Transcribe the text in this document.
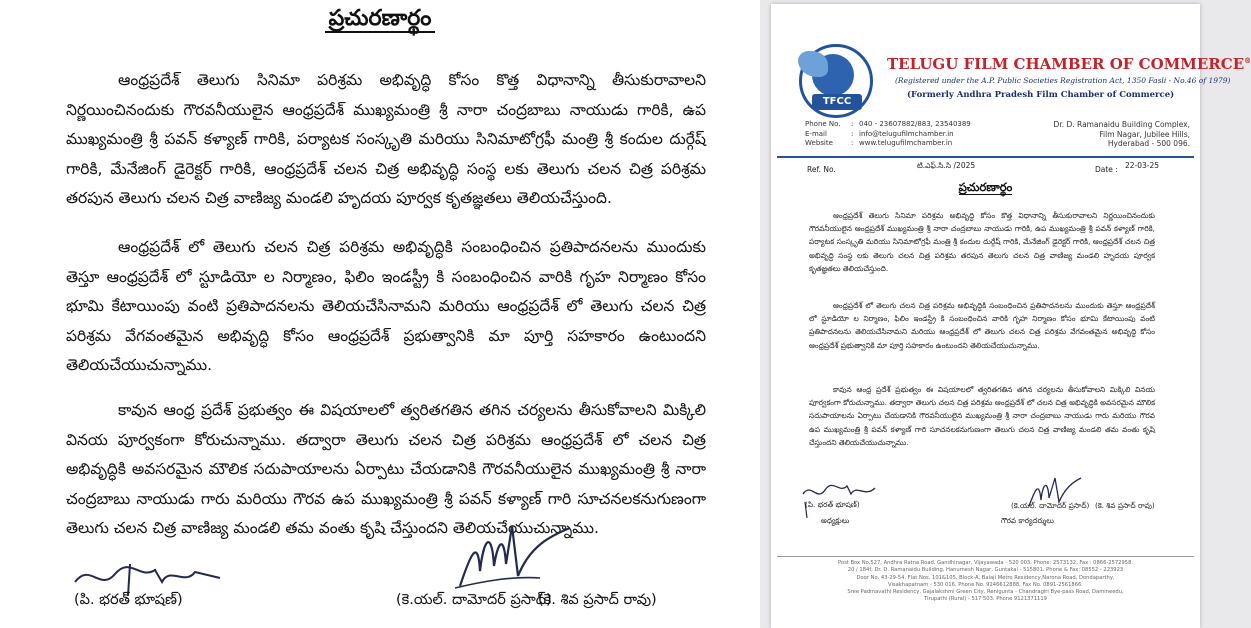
ప్రచురణార్థం

ఆంధ్రప్రదేశ్ తెలుగు సినిమా పరిశ్రమ అభివృద్ధి కోసం కొత్త విధానాన్ని తీసుకురావాలని నిర్ణయించినందుకు గౌరవనీయులైన ఆంధ్రప్రదేశ్ ముఖ్యమంత్రి శ్రీ నారా చంద్రబాబు నాయుడు గారికి, ఉప ముఖ్యమంత్రి శ్రీ పవన్ కళ్యాణ్ గారికి, పర్యాటక సంస్కృతి మరియు సినిమాటోగ్రఫీ మంత్రి శ్రీ కందుల దుర్గేష్ గారికి, మేనేజింగ్ డైరెక్టర్ గారికి, ఆంధ్రప్రదేశ్ చలన చిత్ర అభివృద్ధి సంస్థ లకు తెలుగు చలన చిత్ర పరిశ్రమ తరపున తెలుగు చలన చిత్ర వాణిజ్య మండలి హృదయ పూర్వక కృతజ్ఞతలు తెలియచేస్తుంది.

ఆంధ్రప్రదేశ్ లో తెలుగు చలన చిత్ర పరిశ్రమ అభివృద్ధికి సంబంధించిన ప్రతిపాదనలను ముందుకు తెస్తూ ఆంధ్రప్రదేశ్ లో స్టూడియో ల నిర్మాణం, ఫిలిం ఇండస్ట్రీ కి సంబంధించిన వారికి గృహ నిర్మాణం కోసం భూమి కేటాయింపు వంటి ప్రతిపాదనలను తెలియచేసినామని మరియు ఆంధ్రప్రదేశ్ లో తెలుగు చలన చిత్ర పరిశ్రమ వేగవంతమైన అభివృద్ధి కోసం ఆంధ్రప్రదేశ్ ప్రభుత్వానికి మా పూర్తి సహకారం ఉంటుందని తెలియచేయుచున్నాము.

కావున ఆంధ్ర ప్రదేశ్ ప్రభుత్వం ఈ విషయాలలో త్వరితగతిన తగిన చర్యలను తీసుకోవాలని మిక్కిలి వినయ పూర్వకంగా కోరుచున్నాము. తద్వారా తెలుగు చలన చిత్ర పరిశ్రమ ఆంధ్రప్రదేశ్ లో చలన చిత్ర అభివృద్ధికి అవసరమైన మౌలిక సదుపాయాలను ఏర్పాటు చేయడానికి గౌరవనీయులైన ముఖ్యమంత్రి శ్రీ నారా చంద్రబాబు నాయుడు గారు మరియు గౌరవ ఉప ముఖ్యమంత్రి శ్రీ పవన్ కళ్యాణ్ గారి సూచనలకనుగుణంగా తెలుగు చలన చిత్ర వాణిజ్య మండలి తమ వంతు కృషి చేస్తుందని తెలియచేయుచున్నాము.

(పి. భరత్ భూషణ్)	(కె.యల్. దామోదర్ ప్రసాద్)
(కె. శివ ప్రసాద్ రావు)
TFCC
TELUGU FILM CHAMBER OF COMMERCE®
(Registered under the A.P. Public Societies Registration Act, 1350 Fasli - No.46 of 1979)
(Formerly Andhra Pradesh Film Chamber of Commerce)
Phone No. : 040 - 23607882/883, 23540389
E-mail	: info@telugufilmchamber.in
Website	: www.telugufilmchamber.in
Dr. D. Ramanaidu Building Complex,
Film Nagar, Jubilee Hills,
Hyderabad - 500 096.
Ref. No.	టి.ఎఫ్.సి.సి /2025	Date : 22-03-25
ప్రచురణార్థం

ఆంధ్రప్రదేశ్ తెలుగు సినిమా పరిశ్రమ అభివృద్ధి కోసం కొత్త విధానాన్ని తీసుకురావాలని నిర్ణయించినందుకు గౌరవనీయులైన ఆంధ్రప్రదేశ్ ముఖ్యమంత్రి శ్రీ నారా చంద్రబాబు నాయుడు గారికి, ఉప ముఖ్యమంత్రి శ్రీ పవన్ కళ్యాణ్ గారికి, పర్యాటక సంస్కృతి మరియు సినిమాటోగ్రఫీ మంత్రి శ్రీ కందుల దుర్గేష్ గారికి, మేనేజింగ్ డైరెక్టర్ గారికి, ఆంధ్రప్రదేశ్ చలన చిత్ర అభివృద్ధి సంస్థ లకు తెలుగు చలన చిత్ర పరిశ్రమ తరపున తెలుగు చలన చిత్ర వాణిజ్య మండలి హృదయ పూర్వక కృతజ్ఞతలు తెలియచేస్తుంది.

ఆంధ్రప్రదేశ్ లో తెలుగు చలన చిత్ర పరిశ్రమ అభివృద్ధికి సంబంధించిన ప్రతిపాదనలను ముందుకు తెస్తూ ఆంధ్రప్రదేశ్ లో స్టూడియో ల నిర్మాణం, ఫిలిం ఇండస్ట్రీ కి సంబంధించిన వారికి గృహ నిర్మాణం కోసం భూమి కేటాయింపు వంటి ప్రతిపాదనలను తెలియచేసినామని మరియు ఆంధ్రప్రదేశ్ లో తెలుగు చలన చిత్ర పరిశ్రమ వేగవంతమైన అభివృద్ధి కోసం ఆంధ్రప్రదేశ్ ప్రభుత్వానికి మా పూర్తి సహకారం ఉంటుందని తెలియచేయుచున్నాము.

కావున ఆంధ్ర ప్రదేశ్ ప్రభుత్వం ఈ విషయాలలో త్వరితగతిన తగిన చర్యలను తీసుకోవాలని మిక్కిలి వినయ పూర్వకంగా కోరుచున్నాము. తద్వారా తెలుగు చలన చిత్ర పరిశ్రమ ఆంధ్రప్రదేశ్ లో చలన చిత్ర అభివృద్ధికి అవసరమైన మౌలిక సదుపాయాలను ఏర్పాటు చేయడానికి గౌరవనీయులైన ముఖ్యమంత్రి శ్రీ నారా చంద్రబాబు నాయుడు గారు మరియు గౌరవ ఉప ముఖ్యమంత్రి శ్రీ పవన్ కళ్యాణ్ గారి సూచనలకనుగుణంగా తెలుగు చలన చిత్ర వాణిజ్య మండలి తమ వంతు కృషి చేస్తుందని తెలియచేయుచున్నాము.

(పి. భరత్ భూషణ్)	(కె.యల్. దామోదర్ ప్రసాద్) (కె. శివ ప్రసాద్ రావు)
అధ్యక్షులు	గౌరవ కార్యదర్శులు
Post Box No.527, Andhra Ratna Road, Gandhinagar, Vijayawada - 520 003. Phone: 2573132, Fax : 0866-2572958.
20 / 184f, Dr. D. Ramanaidu Building, Hanumesh Nagar, Guntakal - 515801. Phone & Fax: 08552 - 223923
Door No. 43-29-54, Flat Nos. 101&105, Block-A, Balaji Metro Residency,Narona Road, Dondaparthy,
Visakhapatnam - 530 016. Phone No. 9246612888, Fax No. 0891-2561866.
Sree Padmavathi Residency, Gajalakshmi Green City, Renigunta - Chandragiri Bye-pass Road, Damineedu,
Tirupathi (Rural) - 517 503. Phone 9121371119
